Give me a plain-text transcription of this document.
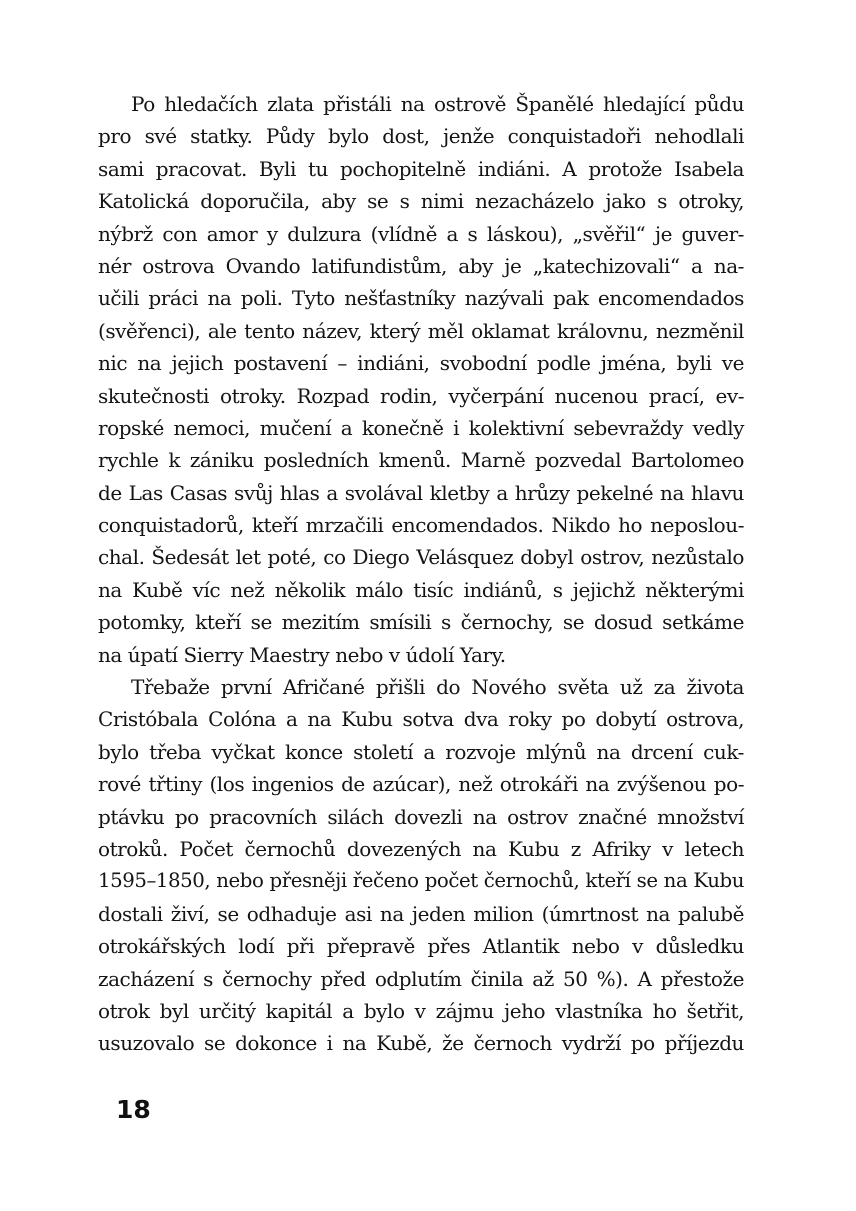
Po hledačích zlata přistáli na ostrově Španělé hledající půdu
pro své statky. Půdy bylo dost, jenže conquistadoři nehodlali
sami pracovat. Byli tu pochopitelně indiáni. A protože Isabela
Katolická doporučila, aby se s nimi nezacházelo jako s otroky,
nýbrž con amor y dulzura (vlídně a s láskou), „svěřil“ je guver-
nér ostrova Ovando latifundistům, aby je „katechizovali“ a na-
učili práci na poli. Tyto nešťastníky nazývali pak encomendados
(svěřenci), ale tento název, který měl oklamat královnu, nezměnil
nic na jejich postavení – indiáni, svobodní podle jména, byli ve
skutečnosti otroky. Rozpad rodin, vyčerpání nucenou prací, ev-
ropské nemoci, mučení a konečně i kolektivní sebevraždy vedly
rychle k zániku posledních kmenů. Marně pozvedal Bartolomeo
de Las Casas svůj hlas a svolával kletby a hrůzy pekelné na hlavu
conquistadorů, kteří mrzačili encomendados. Nikdo ho neposlou-
chal. Šedesát let poté, co Diego Velásquez dobyl ostrov, nezůstalo
na Kubě víc než několik málo tisíc indiánů, s jejichž některými
potomky, kteří se mezitím smísili s černochy, se dosud setkáme
na úpatí Sierry Maestry nebo v údolí Yary.
Třebaže první Afričané přišli do Nového světa už za života
Cristóbala Colóna a na Kubu sotva dva roky po dobytí ostrova,
bylo třeba vyčkat konce století a rozvoje mlýnů na drcení cuk-
rové třtiny (los ingenios de azúcar), než otrokáři na zvýšenou po-
ptávku po pracovních silách dovezli na ostrov značné množství
otroků. Počet černochů dovezených na Kubu z Afriky v letech
1595–1850, nebo přesněji řečeno počet černochů, kteří se na Kubu
dostali živí, se odhaduje asi na jeden milion (úmrtnost na palubě
otrokářských lodí při přepravě přes Atlantik nebo v důsledku
zacházení s černochy před odplutím činila až 50 %). A přestože
otrok byl určitý kapitál a bylo v zájmu jeho vlastníka ho šetřit,
usuzovalo se dokonce i na Kubě, že černoch vydrží po příjezdu
18
